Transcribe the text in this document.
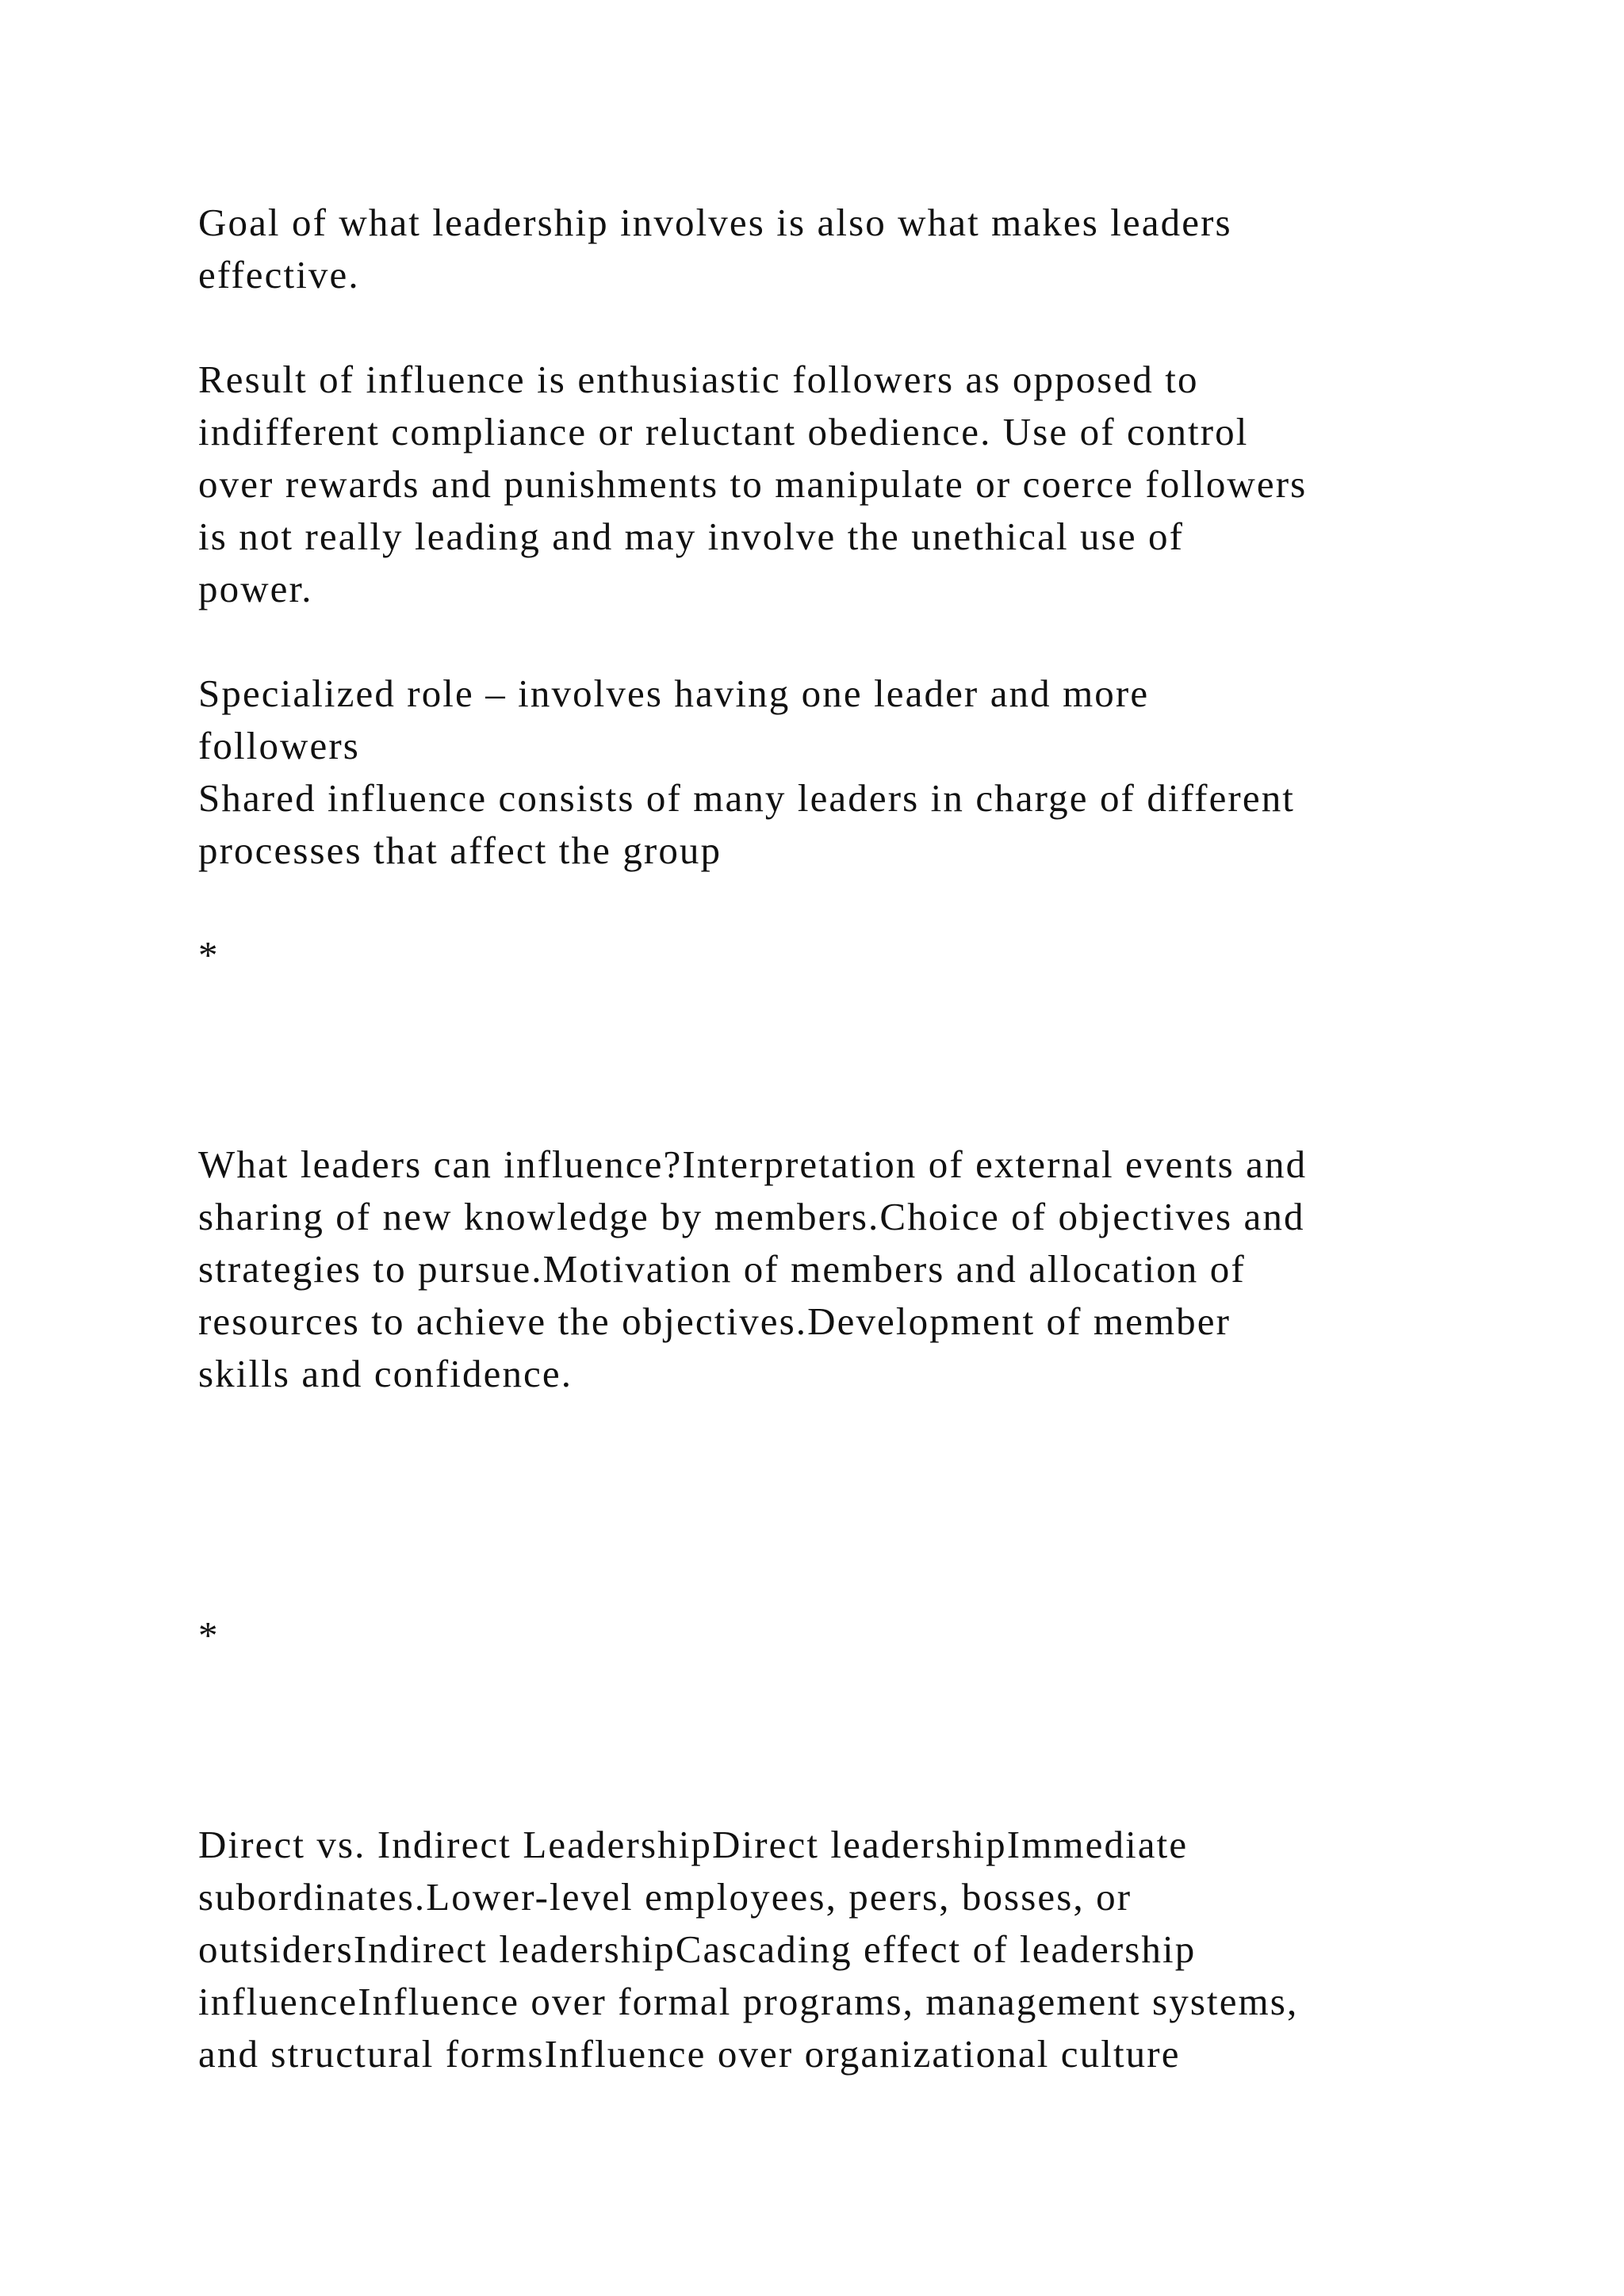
Goal of what leadership involves is also what makes leaders

effective.

Result of influence is enthusiastic followers as opposed to

indifferent compliance or reluctant obedience. Use of control

over rewards and punishments to manipulate or coerce followers

is not really leading and may involve the unethical use of

power.

Specialized role – involves having one leader and more

followers

Shared influence consists of many leaders in charge of different

processes that affect the group

*

What leaders can influence?Interpretation of external events and

sharing of new knowledge by members.Choice of objectives and

strategies to pursue.Motivation of members and allocation of

resources to achieve the objectives.Development of member

skills and confidence.

*

Direct vs. Indirect LeadershipDirect leadershipImmediate

subordinates.Lower-level employees, peers, bosses, or

outsidersIndirect leadershipCascading effect of leadership

influenceInfluence over formal programs, management systems,

and structural formsInfluence over organizational culture
